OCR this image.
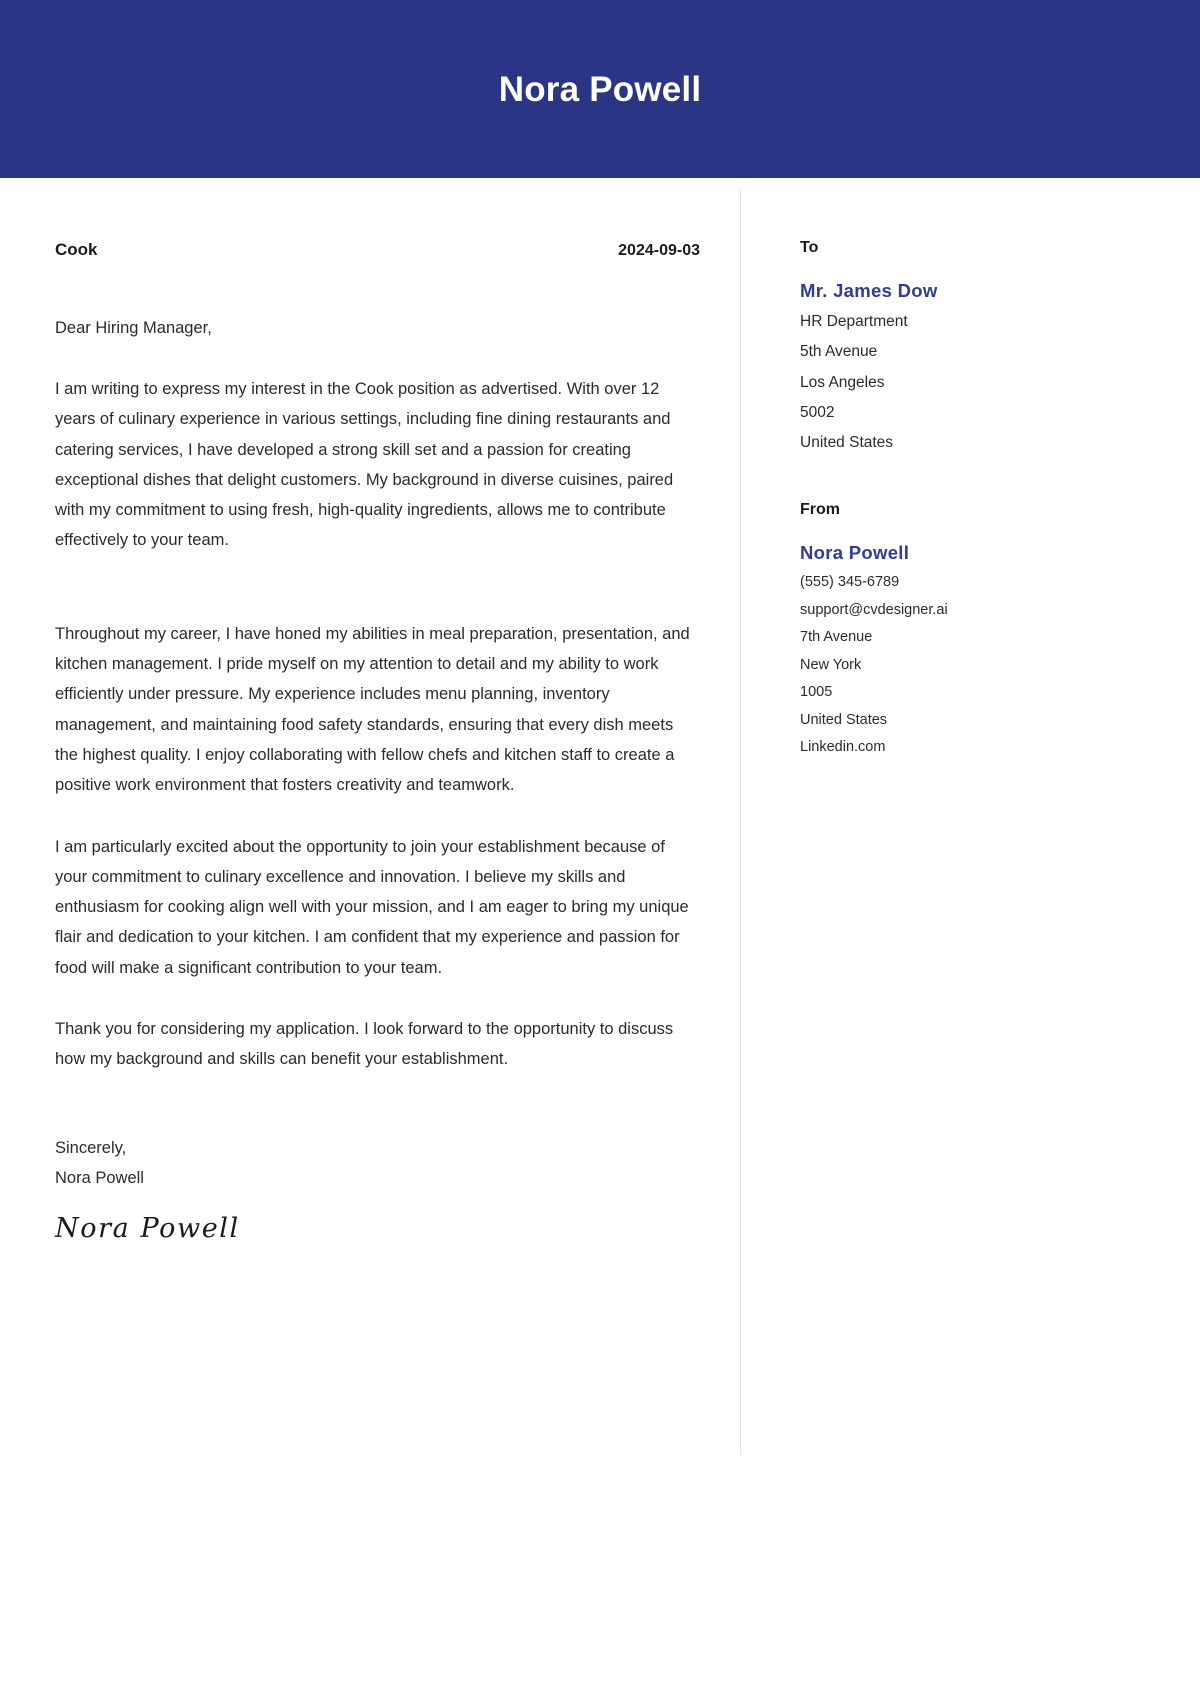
Nora Powell
Cook	2024-09-03
Dear Hiring Manager,
I am writing to express my interest in the Cook position as advertised. With over 12 years of culinary experience in various settings, including fine dining restaurants and catering services, I have developed a strong skill set and a passion for creating exceptional dishes that delight customers. My background in diverse cuisines, paired with my commitment to using fresh, high-quality ingredients, allows me to contribute effectively to your team.
Throughout my career, I have honed my abilities in meal preparation, presentation, and kitchen management. I pride myself on my attention to detail and my ability to work efficiently under pressure. My experience includes menu planning, inventory management, and maintaining food safety standards, ensuring that every dish meets the highest quality. I enjoy collaborating with fellow chefs and kitchen staff to create a positive work environment that fosters creativity and teamwork.
I am particularly excited about the opportunity to join your establishment because of your commitment to culinary excellence and innovation. I believe my skills and enthusiasm for cooking align well with your mission, and I am eager to bring my unique flair and dedication to your kitchen. I am confident that my experience and passion for food will make a significant contribution to your team.
Thank you for considering my application. I look forward to the opportunity to discuss how my background and skills can benefit your establishment.
Sincerely,
Nora Powell
Nora Powell
To
Mr. James Dow
HR Department
5th Avenue
Los Angeles
5002
United States
From
Nora Powell
(555) 345-6789
support@cvdesigner.ai
7th Avenue
New York
1005
United States
Linkedin.com
